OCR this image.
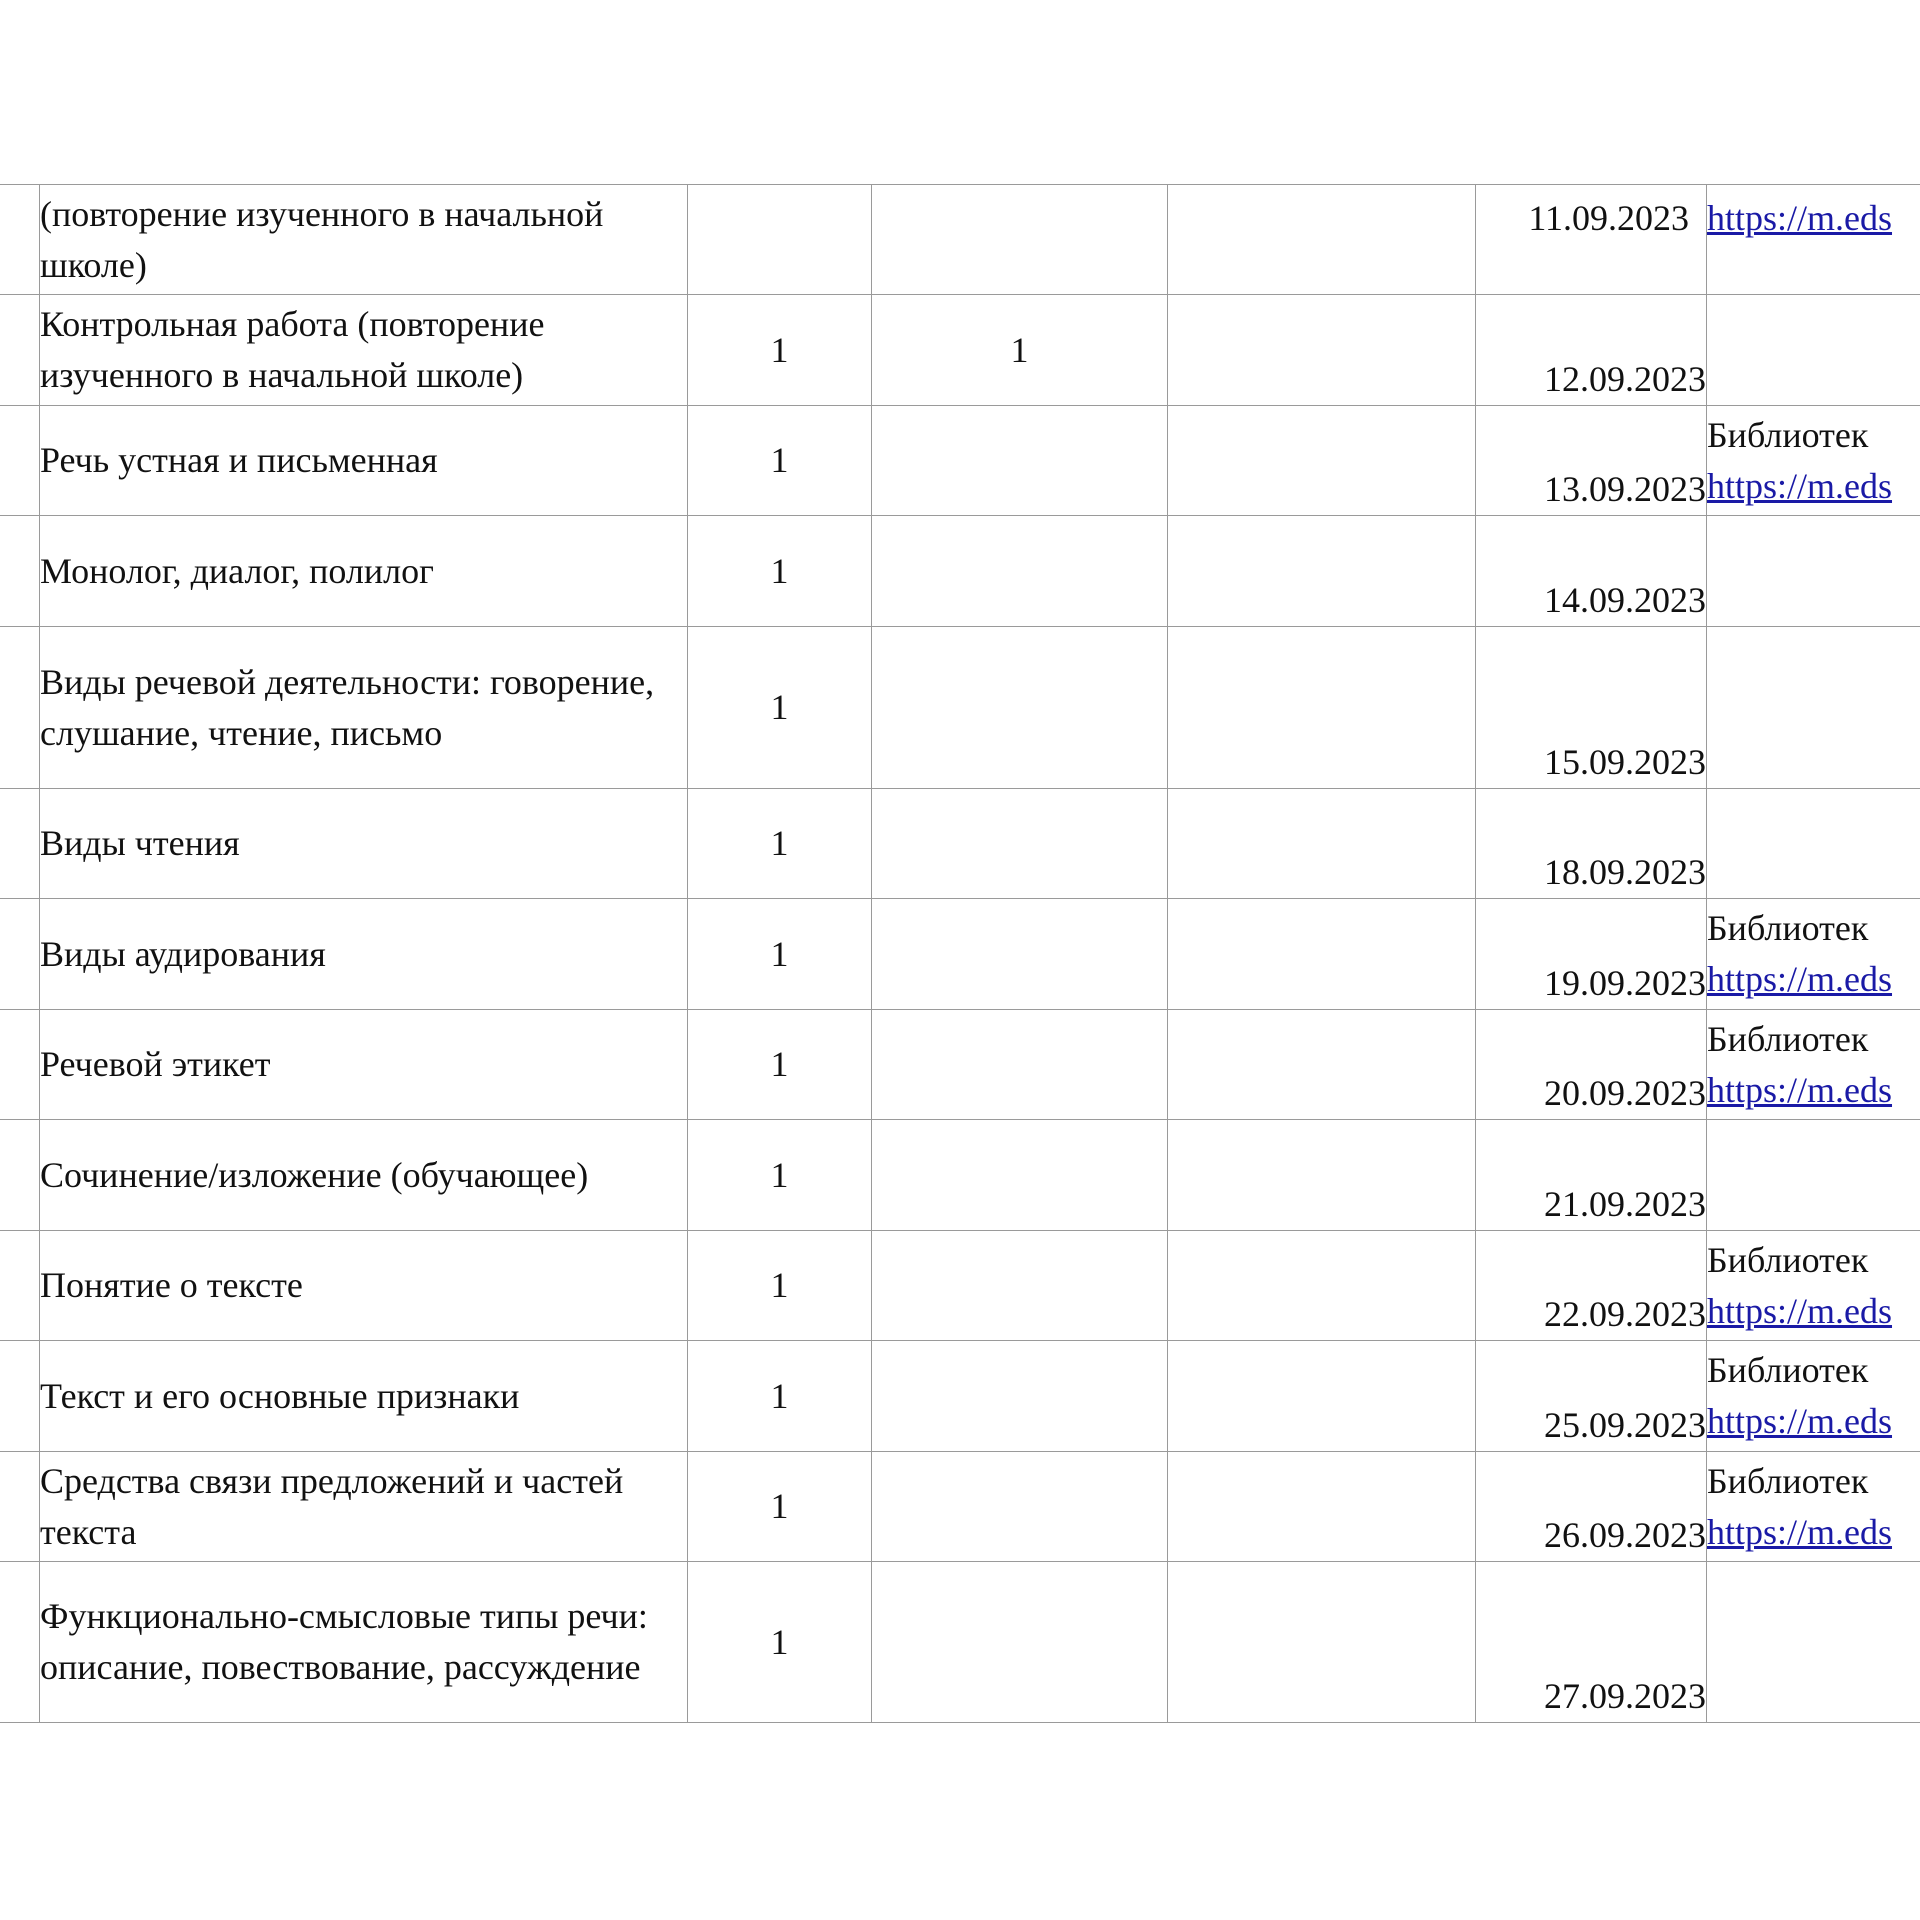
	(повторение изученного в начальной школе)				11.09.2023	https://m.eds

	Контрольная работа (повторение изученного в начальной школе)	1	1		12.09.2023	
	Речь устная и письменная	1			13.09.2023	Библиотек
https://m.eds

	Монолог, диалог, полилог	1			14.09.2023	
	Виды речевой деятельности: говорение, слушание, чтение, письмо	1			15.09.2023	
	Виды чтения	1			18.09.2023	
	Виды аудирования	1			19.09.2023	Библиотек
https://m.eds

	Речевой этикет	1			20.09.2023	Библиотек
https://m.eds

	Сочинение/изложение (обучающее)	1			21.09.2023	
	Понятие о тексте	1			22.09.2023	Библиотек
https://m.eds

	Текст и его основные признаки	1			25.09.2023	Библиотек
https://m.eds

	Средства связи предложений и частей текста	1			26.09.2023	Библиотек
https://m.eds

	Функционально-смысловые типы речи: описание, повествование, рассуждение	1			27.09.2023	
